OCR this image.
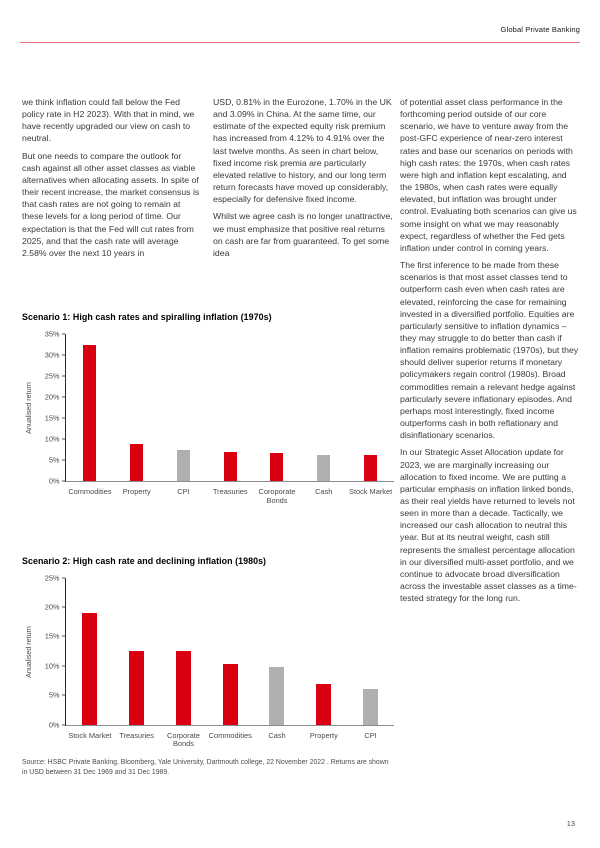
Global Private Banking

we think inflation could fall below the Fed policy rate in H2 2023). With that in mind, we have recently upgraded our view on cash to neutral.

But one needs to compare the outlook for cash against all other asset classes as viable alternatives when allocating assets. In spite of their recent increase, the market consensus is that cash rates are not going to remain at these levels for a long period of time. Our expectation is that the Fed will cut rates from 2025, and that the cash rate will average 2.58% over the next 10 years in

USD, 0.81% in the Eurozone, 1.70% in the UK and 3.09% in China. At the same time, our estimate of the expected equity risk premium has increased from 4.12% to 4.91% over the last twelve months. As seen in chart below, fixed income risk premia are particularly elevated relative to history, and our long term return forecasts have moved up considerably, especially for defensive fixed income.

Whilst we agree cash is no longer unattractive, we must emphasize that positive real returns on cash are far from guaranteed. To get some idea

Scenario 1: High cash rates and spiralling inflation (1970s)
Anualised return
35%
30%
25%
20%
15%
10%
5%
0%
Commodities	Property	CPI	Treasuries	Coroporate Bonds
Cash	Stock Market
Scenario 2: High cash rate and declining inflation (1980s)
Anualised return
25%
20%
15%
10%
5%
0%
Stock Market	Treasuries	Corporate Bonds
Commodities	Cash	Property	CPI

Source: HSBC Private Banking, Bloomberg, Yale University, Dartmouth college, 22 November 2022 . Returns are shown in USD between 31 Dec 1969 and 31 Dec 1989.

of potential asset class performance in the forthcoming period outside of our core scenario, we have to venture away from the post-GFC experience of near-zero interest rates and base our scenarios on periods with high cash rates: the 1970s, when cash rates were high and inflation kept escalating, and the 1980s, when cash rates were equally elevated, but inflation was brought under control. Evaluating both scenarios can give us some insight on what we may reasonably expect, regardless of whether the Fed gets inflation under control in coming years.

The first inference to be made from these scenarios is that most asset classes tend to outperform cash even when cash rates are elevated, reinforcing the case for remaining invested in a diversified portfolio. Equities are particularly sensitive to inflation dynamics – they may struggle to do better than cash if inflation remains problematic (1970s), but they should deliver superior returns if monetary policymakers regain control (1980s). Broad commodities remain a relevant hedge against particularly severe inflationary episodes. And perhaps most interestingly, fixed income outperforms cash in both reflationary and disinflationary scenarios.

In our Strategic Asset Allocation update for 2023, we are marginally increasing our allocation to fixed income. We are putting a particular emphasis on inflation linked bonds, as their real yields have returned to levels not seen in more than a decade. Tactically, we increased our cash allocation to neutral this year. But at its neutral weight, cash still represents the smallest percentage allocation in our diversified multi-asset portfolio, and we continue to advocate broad diversification across the investable asset classes as a time-tested strategy for the long run.

13
